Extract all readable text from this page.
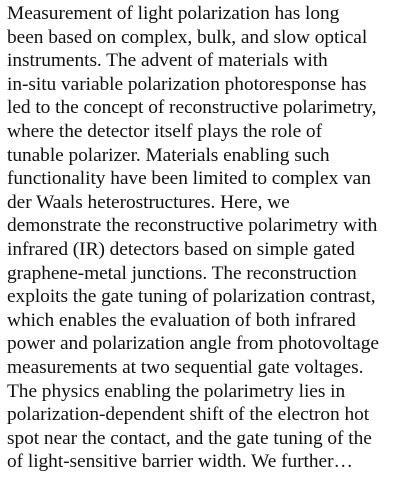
Measurement of light polarization has long
been based on complex, bulk, and slow optical
instruments. The advent of materials with
in-situ variable polarization photoresponse has
led to the concept of reconstructive polarimetry,
where the detector itself plays the role of
tunable polarizer. Materials enabling such
functionality have been limited to complex van
der Waals heterostructures. Here, we
demonstrate the reconstructive polarimetry with
infrared (IR) detectors based on simple gated
graphene-metal junctions. The reconstruction
exploits the gate tuning of polarization contrast,
which enables the evaluation of both infrared
power and polarization angle from photovoltage
measurements at two sequential gate voltages.
The physics enabling the polarimetry lies in
polarization-dependent shift of the electron hot
spot near the contact, and the gate tuning of the
of light-sensitive barrier width. We further…
